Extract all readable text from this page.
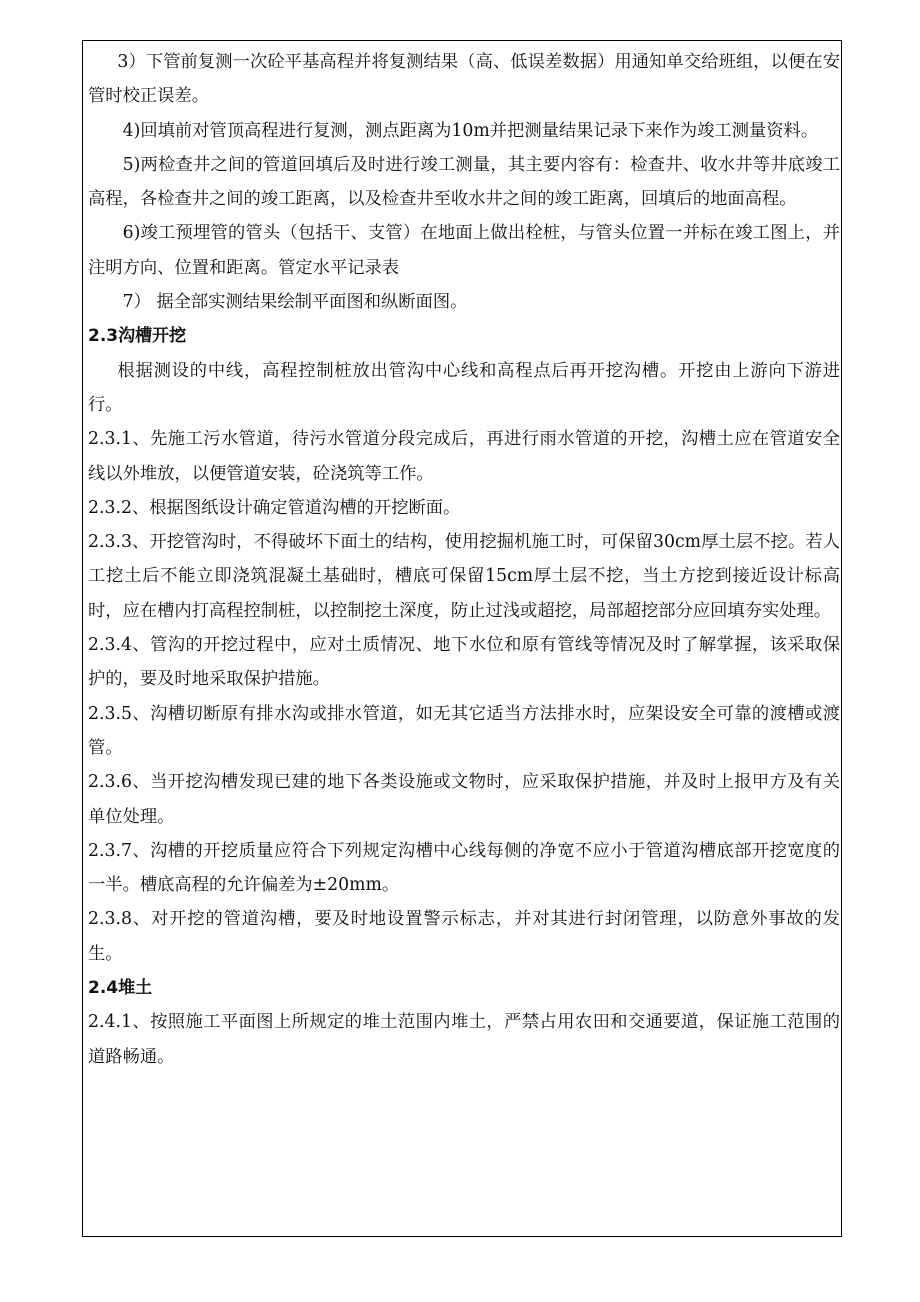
3）下管前复测一次砼平基高程并将复测结果（高、低误差数据）用通知单交给班组，以便在安管时校正误差。

4)回填前对管顶高程进行复测，测点距离为10m并把测量结果记录下来作为竣工测量资料。

5)两检查井之间的管道回填后及时进行竣工测量，其主要内容有：检查井、收水井等井底竣工高程，各检查井之间的竣工距离，以及检查井至收水井之间的竣工距离，回填后的地面高程。

6)竣工预埋管的管头（包括干、支管）在地面上做出栓桩，与管头位置一并标在竣工图上，并注明方向、位置和距离。管定水平记录表

7） 据全部实测结果绘制平面图和纵断面图。

2.3沟槽开挖

根据测设的中线，高程控制桩放出管沟中心线和高程点后再开挖沟槽。开挖由上游向下游进行。

2.3.1、先施工污水管道，待污水管道分段完成后，再进行雨水管道的开挖，沟槽土应在管道安全线以外堆放，以便管道安装，砼浇筑等工作。

2.3.2、根据图纸设计确定管道沟槽的开挖断面。

2.3.3、开挖管沟时，不得破坏下面土的结构，使用挖掘机施工时，可保留30cm厚土层不挖。若人工挖土后不能立即浇筑混凝土基础时，槽底可保留15cm厚土层不挖，当土方挖到接近设计标高时，应在槽内打高程控制桩，以控制挖土深度，防止过浅或超挖，局部超挖部分应回填夯实处理。

2.3.4、管沟的开挖过程中，应对土质情况、地下水位和原有管线等情况及时了解掌握，该采取保护的，要及时地采取保护措施。

2.3.5、沟槽切断原有排水沟或排水管道，如无其它适当方法排水时，应架设安全可靠的渡槽或渡管。

2.3.6、当开挖沟槽发现已建的地下各类设施或文物时，应采取保护措施，并及时上报甲方及有关单位处理。

2.3.7、沟槽的开挖质量应符合下列规定沟槽中心线每侧的净宽不应小于管道沟槽底部开挖宽度的一半。槽底高程的允许偏差为±20mm。

2.3.8、对开挖的管道沟槽，要及时地设置警示标志，并对其进行封闭管理，以防意外事故的发生。

2.4堆土

2.4.1、按照施工平面图上所规定的堆土范围内堆土，严禁占用农田和交通要道，保证施工范围的道路畅通。
